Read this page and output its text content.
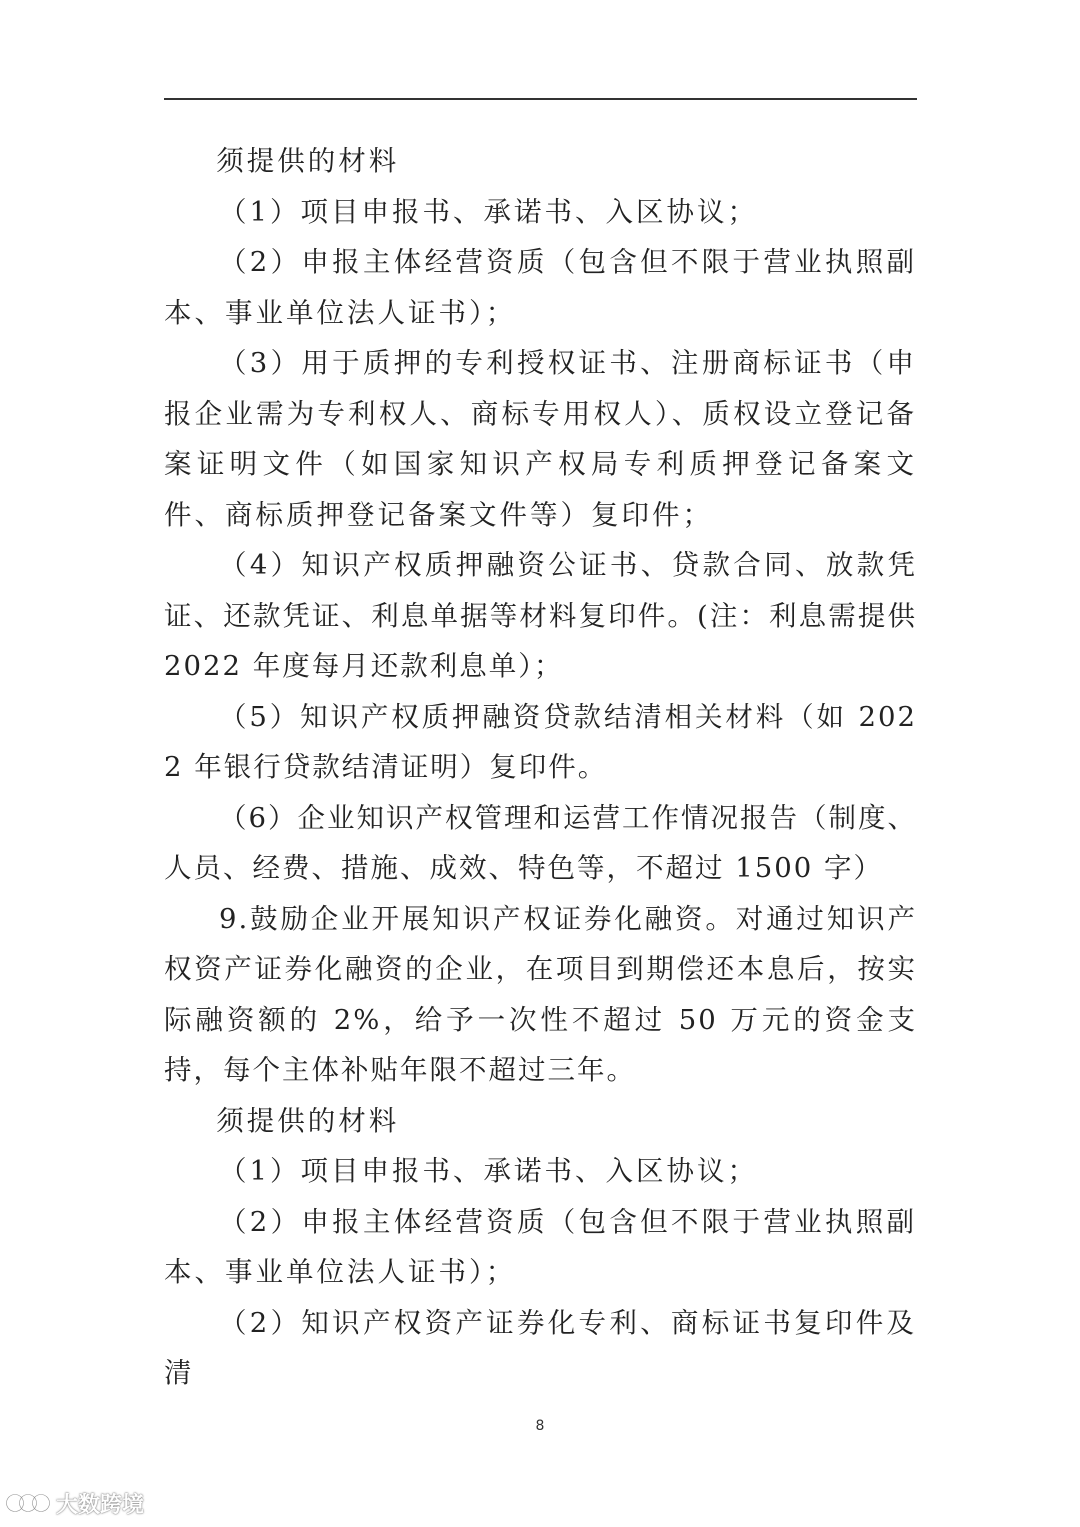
须提供的材料

（1）项目申报书、承诺书、入区协议；

（2）申报主体经营资质（包含但不限于营业执照副本、事业单位法人证书）；

（3）用于质押的专利授权证书、注册商标证书（申报企业需为专利权人、商标专用权人）、质权设立登记备案证明文件（如国家知识产权局专利质押登记备案文件、商标质押登记备案文件等）复印件；

（4）知识产权质押融资公证书、贷款合同、放款凭证、还款凭证、利息单据等材料复印件。(注：利息需提供 2022 年度每月还款利息单）；

（5）知识产权质押融资贷款结清相关材料（如 2022 年银行贷款结清证明）复印件。

（6）企业知识产权管理和运营工作情况报告（制度、人员、经费、措施、成效、特色等，不超过 1500 字）

9.鼓励企业开展知识产权证券化融资。对通过知识产权资产证券化融资的企业，在项目到期偿还本息后，按实际融资额的 2%，给予一次性不超过 50 万元的资金支持，每个主体补贴年限不超过三年。

须提供的材料

（1）项目申报书、承诺书、入区协议；

（2）申报主体经营资质（包含但不限于营业执照副本、事业单位法人证书）；

（2）知识产权资产证券化专利、商标证书复印件及清

8
大数跨境
